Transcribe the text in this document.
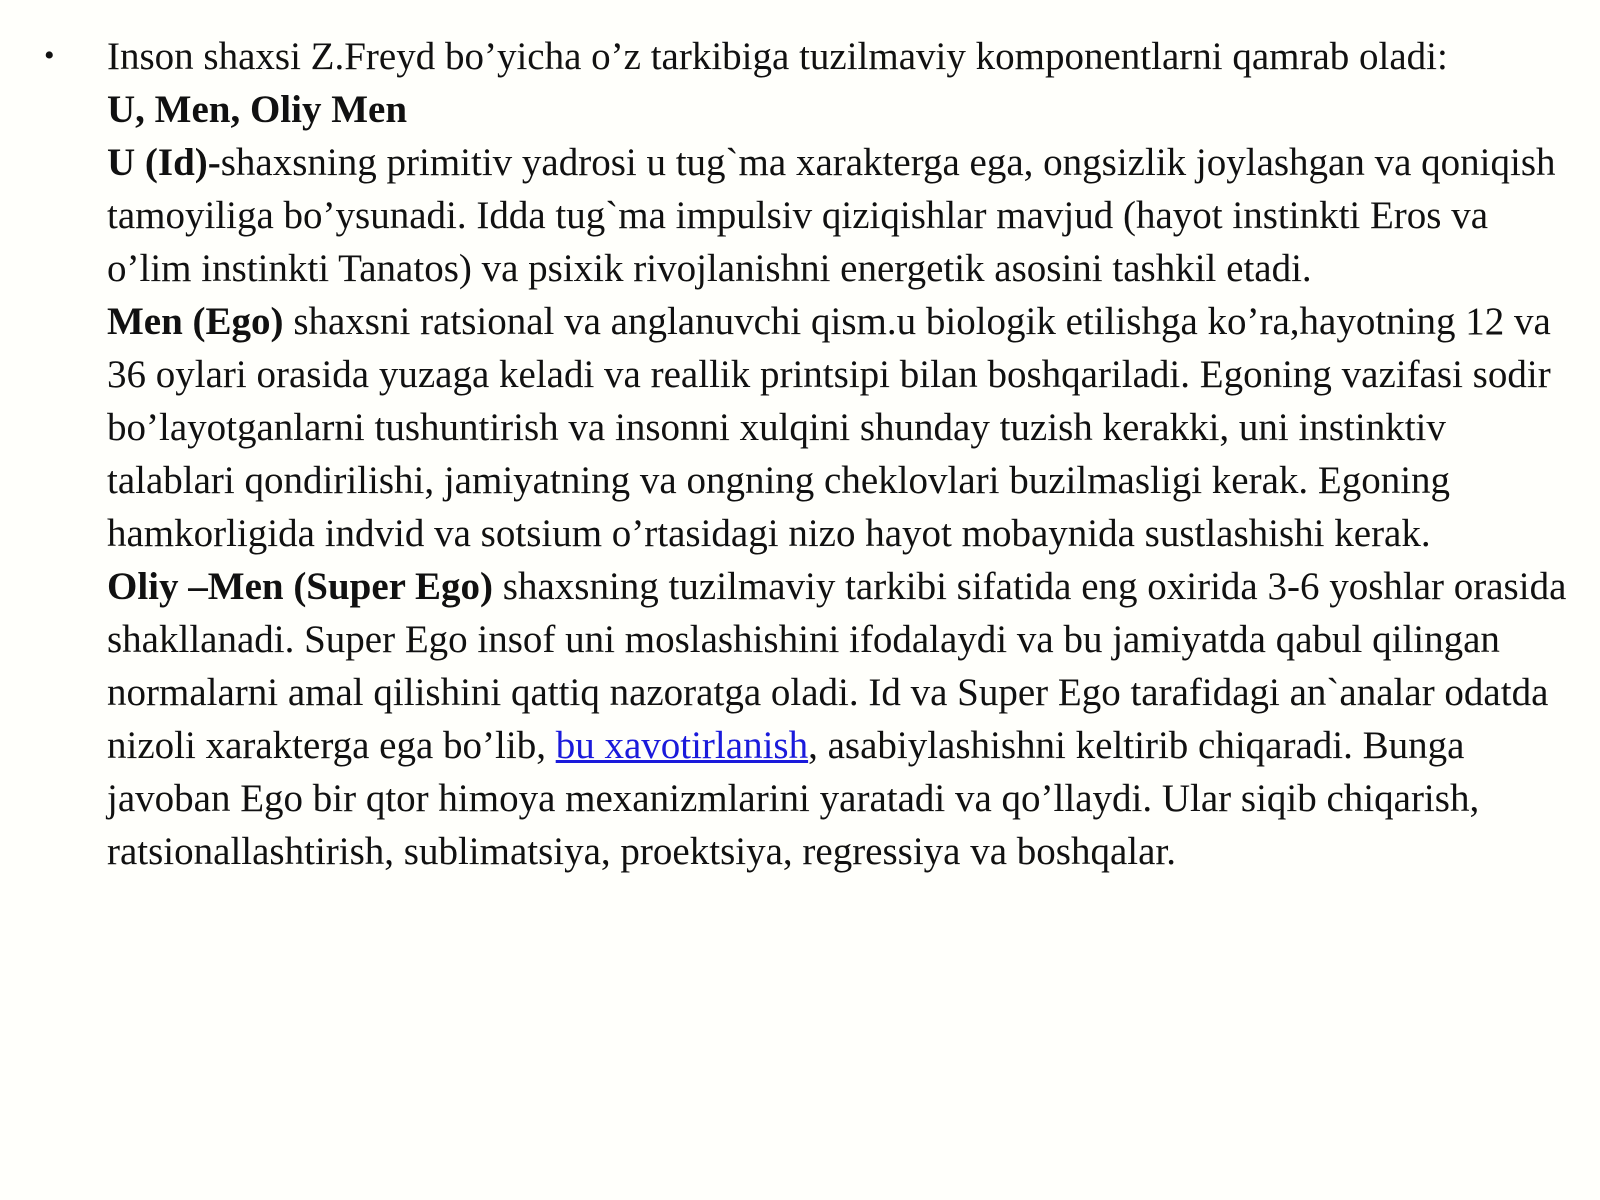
• Inson shaxsi Z.Freyd bo’yicha o’z tarkibiga tuzilmaviy komponentlarni qamrab oladi:

U, Men, Oliy Men

U (Id)-shaxsning primitiv yadrosi u tug`ma xarakterga ega, ongsizlik joylashgan va qoniqish tamoyiliga bo’ysunadi. Idda tug`ma impulsiv qiziqishlar mavjud (hayot instinkti Eros va o’lim instinkti Tanatos) va psixik rivojlanishni energetik asosini tashkil etadi.

Men (Ego) shaxsni ratsional va anglanuvchi qism.u biologik etilishga ko’ra,hayotning 12 va 36 oylari orasida yuzaga keladi va reallik printsipi bilan boshqariladi. Egoning vazifasi sodir bo’layotganlarni tushuntirish va insonni xulqini shunday tuzish kerakki, uni instinktiv talablari qondirilishi, jamiyatning va ongning cheklovlari buzilmasligi kerak. Egoning hamkorligida indvid va sotsium o’rtasidagi nizo hayot mobaynida sustlashishi kerak.

Oliy –Men (Super Ego) shaxsning tuzilmaviy tarkibi sifatida eng oxirida 3-6 yoshlar orasida shakllanadi. Super Ego insof uni moslashishini ifodalaydi va bu jamiyatda qabul qilingan normalarni amal qilishini qattiq nazoratga oladi. Id va Super Ego tarafidagi an`analar odatda nizoli xarakterga ega bo’lib, bu xavotirlanish, asabiylashishni keltirib chiqaradi. Bunga javoban Ego bir qtor himoya mexanizmlarini yaratadi va qo’llaydi. Ular siqib chiqarish, ratsionallashtirish, sublimatsiya, proektsiya, regressiya va boshqalar.
